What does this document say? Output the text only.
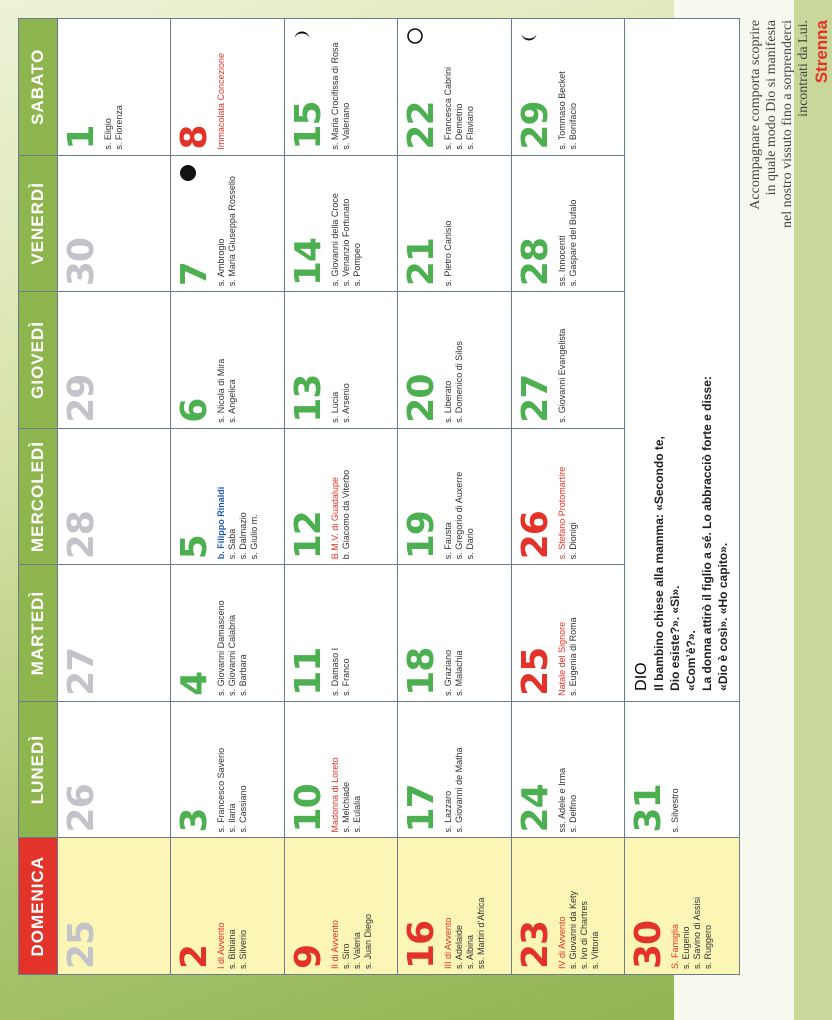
DOMENICA
LUNEDÌ
MARTEDÌ
MERCOLEDÌ
GIOVEDÌ
VENERDÌ
SABATO
25
26
27
28
29
30
1 s. Eligio s. Fiorenza
2 I di Avvento s. Bibiana s. Silverio
3 s. Francesco Saverio s. Ilaria s. Cassiano
4 s. Giovanni Damasceno s. Giovanni Calabria s. Barbara
5 b. Filippo Rinaldi s. Saba s. Dalmazio s. Giulio m.
6 s. Nicola di Mira s. Angelica
7 s. Ambrogio s. Maria Giuseppa Rossello
8 Immacolata Concezione
9 II di Avvento s. Siro s. Valeria s. Juan Diego
10 Madonna di Loreto s. Melchiade s. Eulalia
11 s. Damaso I s. Franco
12 B.M.V. di Guadalupe b. Giacomo da Viterbo
13 s. Lucia s. Arsenio
14 s. Giovanni della Croce s. Venanzio Fortunato s. Pompeo
15 s. Maria Crocifissa di Rosa s. Valeriano
16 III di Avvento s. Adelaide s. Albina ss. Martiri d’Africa
17 s. Lazzaro s. Giovanni de Matha
18 s. Graziano s. Malachia
19 s. Fausta s. Gregorio di Auxerre s. Dario
20 s. Liberato s. Domenico di Silos
21 s. Pietro Canisio
22 s. Francesca Cabrini s. Demetrio s. Flaviano
23 IV di Avvento s. Giovanni da Kety s. Ivo di Chartres s. Vittoria
24 ss. Adele e Irma s. Delfino
25 Natale del Signore s. Eugenia di Roma
26 s. Stefano Protomartire s. Dionigi
27 s. Giovanni Evangelista
28 ss. Innocenti s. Gaspare del Bufalo
29 s. Tommaso Becket s. Bonifacio
30 S. Famiglia s. Eugenio s. Savino di Assisi s. Ruggero
31 s. Silvestro
DIO Il bambino chiese alla mamma: «Secondo te, Dio esiste?». «Sì». «Com’è?». La donna attirò il figlio a sé. Lo abbracciò forte e disse: «Dio è così». «Ho capito».
Accompagnare comporta scoprire in quale modo Dio si manifesta nel nostro vissuto fino a sorprenderci incontrati da Lui. Strenna
